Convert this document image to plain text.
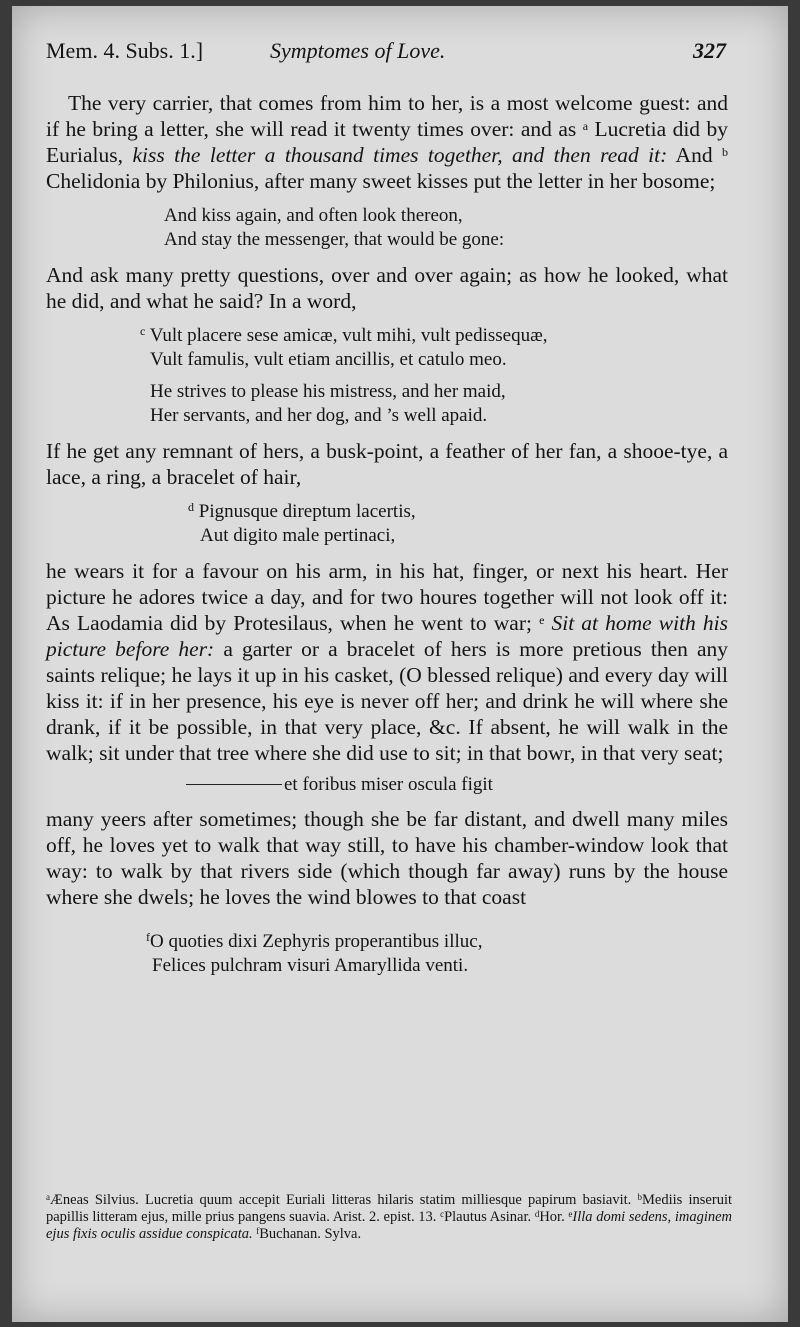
Mem. 4. Subs. 1.]	Symptomes of Love.	327

The very carrier, that comes from him to her, is a most welcome guest: and if he bring a letter, she will read it twenty times over: and as $^a$ Lucretia did by Eurialus, kiss the letter a thousand times together, and then read it: And $^b$ Chelidonia by Philonius, after many sweet kisses put the letter in her bosome;

And kiss again, and often look thereon,
And stay the messenger, that would be gone:

And ask many pretty questions, over and over again; as how he looked, what he did, and what he said? In a word,

$^c$ Vult placere sese amicæ, vult mihi, vult pedissequæ,
Vult famulis, vult etiam ancillis, et catulo meo.
He strives to please his mistress, and her maid,
Her servants, and her dog, and ’s well apaid.

If he get any remnant of hers, a busk-point, a feather of her fan, a shooe-tye, a lace, a ring, a bracelet of hair,

$^d$ Pignusque direptum lacertis,
Aut digito male pertinaci,

he wears it for a favour on his arm, in his hat, finger, or next his heart. Her picture he adores twice a day, and for two houres together will not look off it: As Laodamia did by Protesilaus, when he went to war; $^e$ Sit at home with his picture before her: a garter or a bracelet of hers is more pretious then any saints relique; he lays it up in his casket, (O blessed relique) and every day will kiss it: if in her presence, his eye is never off her; and drink he will where she drank, if it be possible, in that very place, &c. If absent, he will walk in the walk; sit under that tree where she did use to sit; in that bowr, in that very seat;

et foribus miser oscula figit

many yeers after sometimes; though she be far distant, and dwell many miles off, he loves yet to walk that way still, to have his chamber-window look that way: to walk by that rivers side (which though far away) runs by the house where she dwels; he loves the wind blowes to that coast

$^f$O quoties dixi Zephyris properantibus illuc,
Felices pulchram visuri Amaryllida venti.
$^a$Æneas Silvius. Lucretia quum accepit Euriali litteras hilaris statim milliesque papirum basiavit. $^b$Mediis inseruit papillis litteram ejus, mille prius pangens suavia. Arist. 2. epist. 13. $^c$Plautus Asinar. $^d$Hor. $^e$Illa domi sedens, imaginem ejus fixis oculis assidue conspicata. $^f$Buchanan. Sylva.
